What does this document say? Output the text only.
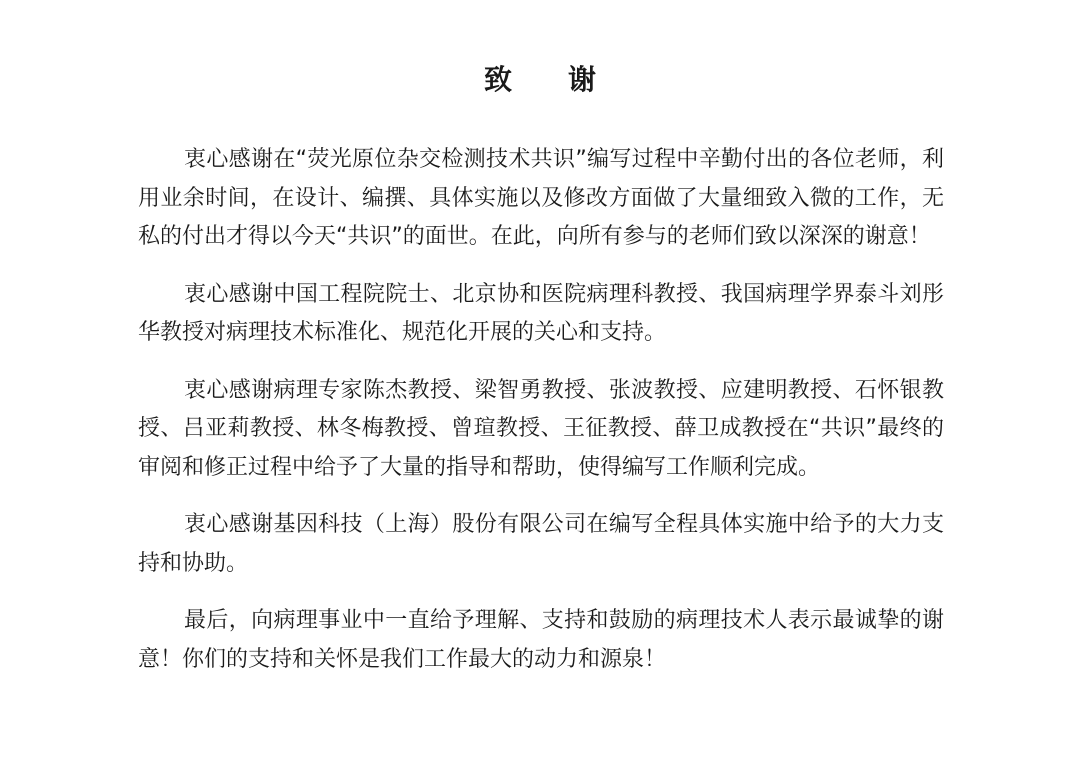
致谢

衷心感谢在“荧光原位杂交检测技术共识”编写过程中辛勤付出的各位老师，利用业余时间，在设计、编撰、具体实施以及修改方面做了大量细致入微的工作，无私的付出才得以今天“共识”的面世。在此，向所有参与的老师们致以深深的谢意！

衷心感谢中国工程院院士、北京协和医院病理科教授、我国病理学界泰斗刘彤华教授对病理技术标准化、规范化开展的关心和支持。

衷心感谢病理专家陈杰教授、梁智勇教授、张波教授、应建明教授、石怀银教授、吕亚莉教授、林冬梅教授、曾瑄教授、王征教授、薛卫成教授在“共识”最终的审阅和修正过程中给予了大量的指导和帮助，使得编写工作顺利完成。

衷心感谢基因科技（上海）股份有限公司在编写全程具体实施中给予的大力支持和协助。

最后，向病理事业中一直给予理解、支持和鼓励的病理技术人表示最诚挚的谢意！你们的支持和关怀是我们工作最大的动力和源泉！
